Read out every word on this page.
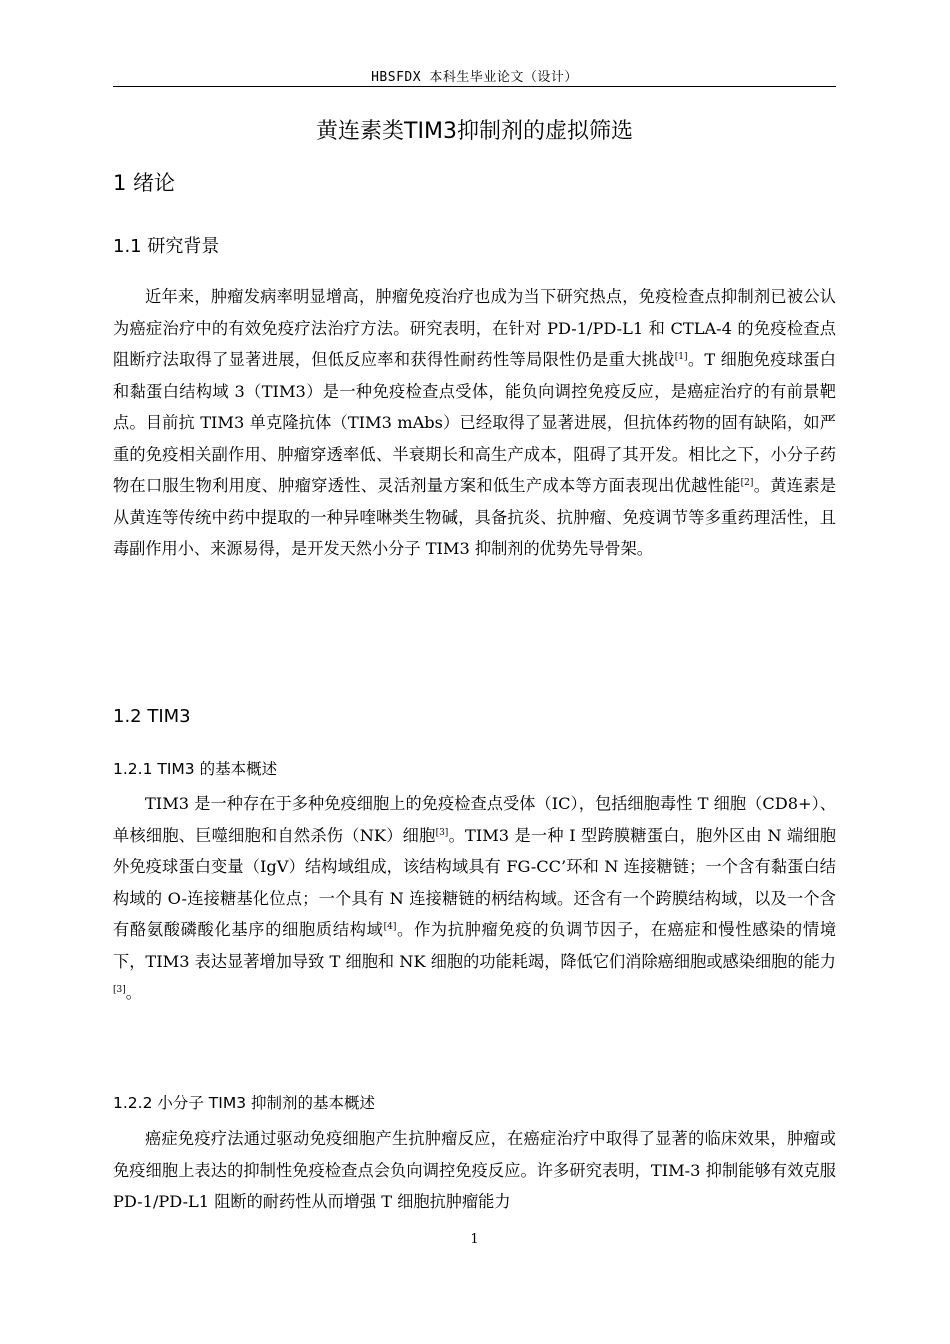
HBSFDX 本科生毕业论文（设计）
黄连素类TIM3抑制剂的虚拟筛选
1 绪论
1.1 研究背景

近年来，肿瘤发病率明显增高，肿瘤免疫治疗也成为当下研究热点，免疫检查点抑制剂已被公认为癌症治疗中的有效免疫疗法治疗方法。研究表明，在针对 PD-1/PD-L1 和 CTLA-4 的免疫检查点阻断疗法取得了显著进展，但低反应率和获得性耐药性等局限性仍是重大挑战[1]。T 细胞免疫球蛋白和黏蛋白结构域 3（TIM3）是一种免疫检查点受体，能负向调控免疫反应，是癌症治疗的有前景靶点。目前抗 TIM3 单克隆抗体（TIM3 mAbs）已经取得了显著进展，但抗体药物的固有缺陷，如严重的免疫相关副作用、肿瘤穿透率低、半衰期长和高生产成本，阻碍了其开发。相比之下，小分子药物在口服生物利用度、肿瘤穿透性、灵活剂量方案和低生产成本等方面表现出优越性能[2]。黄连素是从黄连等传统中药中提取的一种异喹啉类生物碱，具备抗炎、抗肿瘤、免疫调节等多重药理活性，且毒副作用小、来源易得，是开发天然小分子 TIM3 抑制剂的优势先导骨架。

1.2 TIM3
1.2.1 TIM3 的基本概述

TIM3 是一种存在于多种免疫细胞上的免疫检查点受体（IC），包括细胞毒性 T 细胞（CD8+）、单核细胞、巨噬细胞和自然杀伤（NK）细胞[3]。TIM3 是一种 I 型跨膜糖蛋白，胞外区由 N 端细胞外免疫球蛋白变量（IgV）结构域组成，该结构域具有 FG-CC’环和 N 连接糖链；一个含有黏蛋白结构域的 O-连接糖基化位点；一个具有 N 连接糖链的柄结构域。还含有一个跨膜结构域，以及一个含有酪氨酸磷酸化基序的细胞质结构域[4]。作为抗肿瘤免疫的负调节因子，在癌症和慢性感染的情境下，TIM3 表达显著增加导致 T 细胞和 NK 细胞的功能耗竭，降低它们消除癌细胞或感染细胞的能力[3]。

1.2.2 小分子 TIM3 抑制剂的基本概述

癌症免疫疗法通过驱动免疫细胞产生抗肿瘤反应，在癌症治疗中取得了显著的临床效果，肿瘤或免疫细胞上表达的抑制性免疫检查点会负向调控免疫反应。许多研究表明，TIM-3 抑制能够有效克服 PD-1/PD-L1 阻断的耐药性从而增强 T 细胞抗肿瘤能力

1
